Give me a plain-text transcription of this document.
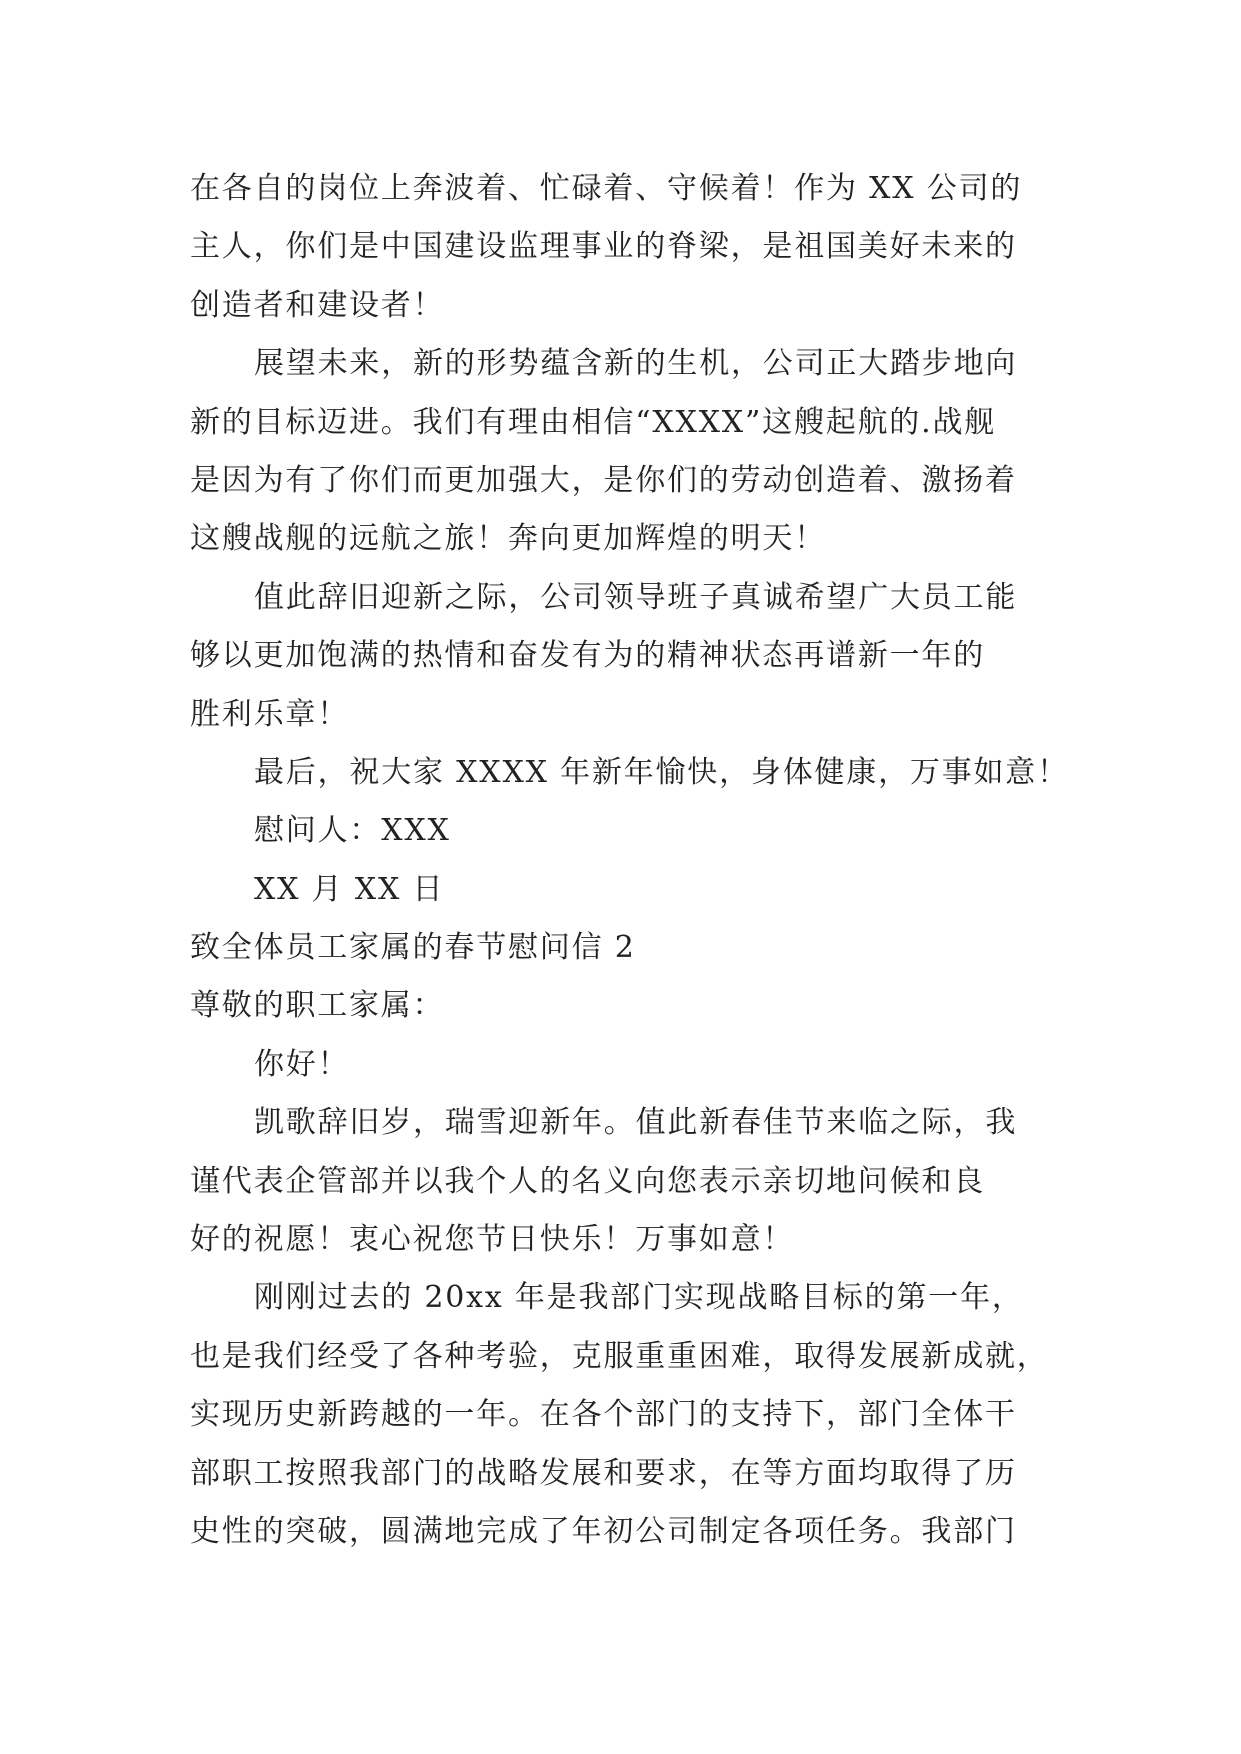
在各自的岗位上奔波着、忙碌着、守候着！作为 XX 公司的
主人，你们是中国建设监理事业的脊梁，是祖国美好未来的
创造者和建设者！
展望未来，新的形势蕴含新的生机，公司正大踏步地向
新的目标迈进。我们有理由相信“XXXX”这艘起航的.战舰
是因为有了你们而更加强大，是你们的劳动创造着、激扬着
这艘战舰的远航之旅！奔向更加辉煌的明天！
值此辞旧迎新之际，公司领导班子真诚希望广大员工能
够以更加饱满的热情和奋发有为的精神状态再谱新一年的
胜利乐章！
最后，祝大家 XXXX 年新年愉快，身体健康，万事如意！
慰问人：XXX
XX 月 XX 日
致全体员工家属的春节慰问信 2
尊敬的职工家属：
你好！
凯歌辞旧岁，瑞雪迎新年。值此新春佳节来临之际，我
谨代表企管部并以我个人的名义向您表示亲切地问候和良
好的祝愿！衷心祝您节日快乐！万事如意！
刚刚过去的 20xx 年是我部门实现战略目标的第一年，
也是我们经受了各种考验，克服重重困难，取得发展新成就，
实现历史新跨越的一年。在各个部门的支持下，部门全体干
部职工按照我部门的战略发展和要求，在等方面均取得了历
史性的突破，圆满地完成了年初公司制定各项任务。我部门
